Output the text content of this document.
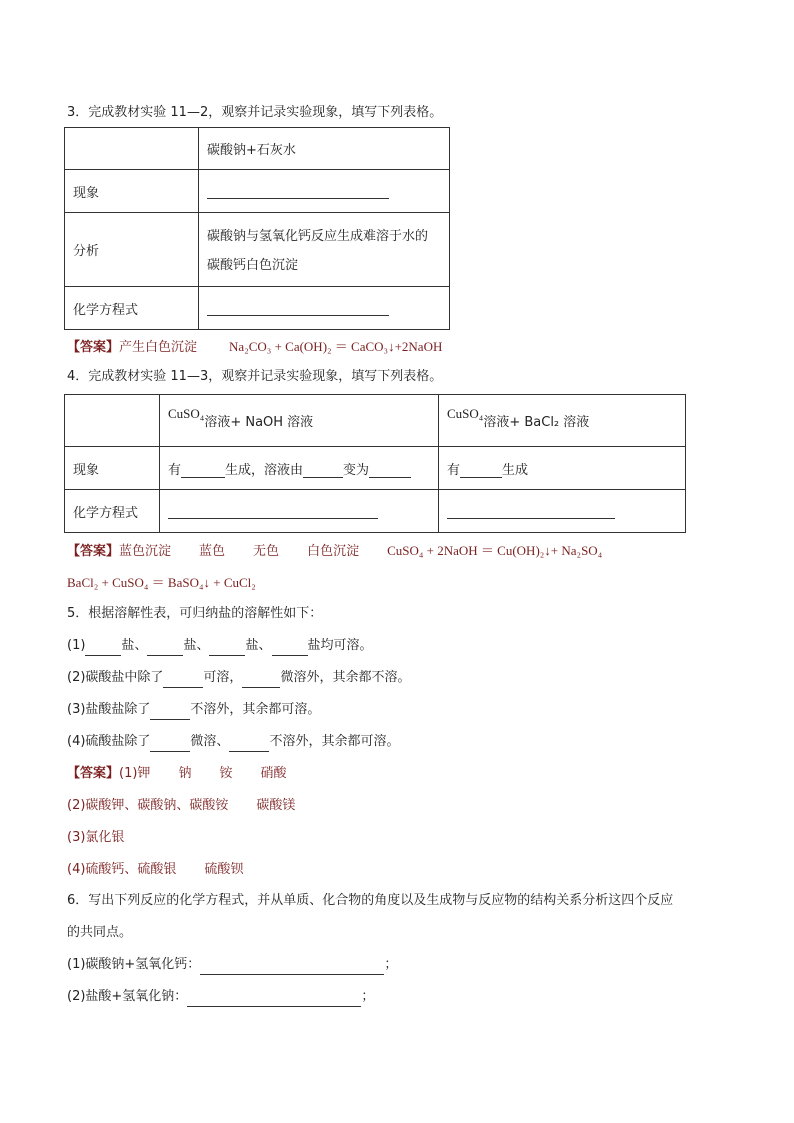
3．完成教材实验 11—2，观察并记录实验现象，填写下列表格。
	碳酸钠+石灰水
现象	
分析	碳酸钠与氢氧化钙反应生成难溶于水的
碳酸钙白色沉淀

化学方程式	
【答案】产生白色沉淀 Na₂CO₃ + Ca(OH)₂ ＝ CaCO₃↓+2NaOH
4．完成教材实验 11—3，观察并记录实验现象，填写下列表格。
	CuSO₄溶液+ NaOH 溶液	CuSO₄溶液+ BaCl₂ 溶液
现象	有 生成，溶液由 变为	有 生成
化学方程式		
【答案】蓝色沉淀 蓝色 无色 白色沉淀 CuSO₄ + 2NaOH ＝ Cu(OH)₂↓+ Na₂SO₄
BaCl₂ + CuSO₄ ＝ BaSO₄↓ + CuCl₂
5．根据溶解性表，可归纳盐的溶解性如下：
(1)	盐、	盐、	盐、	盐均可溶。
(2)碳酸盐中除了	可溶，	微溶外，其余都不溶。
(3)盐酸盐除了	不溶外，其余都可溶。
(4)硫酸盐除了	微溶、	不溶外，其余都可溶。
【答案】(1)钾 钠 铵 硝酸
(2)碳酸钾、碳酸钠、碳酸铵 碳酸镁
(3)氯化银
(4)硫酸钙、硫酸银 硫酸钡
6．写出下列反应的化学方程式，并从单质、化合物的角度以及生成物与反应物的结构关系分析这四个反应
的共同点。
(1)碳酸钠+氢氧化钙：	；
(2)盐酸+氢氧化钠：	；
